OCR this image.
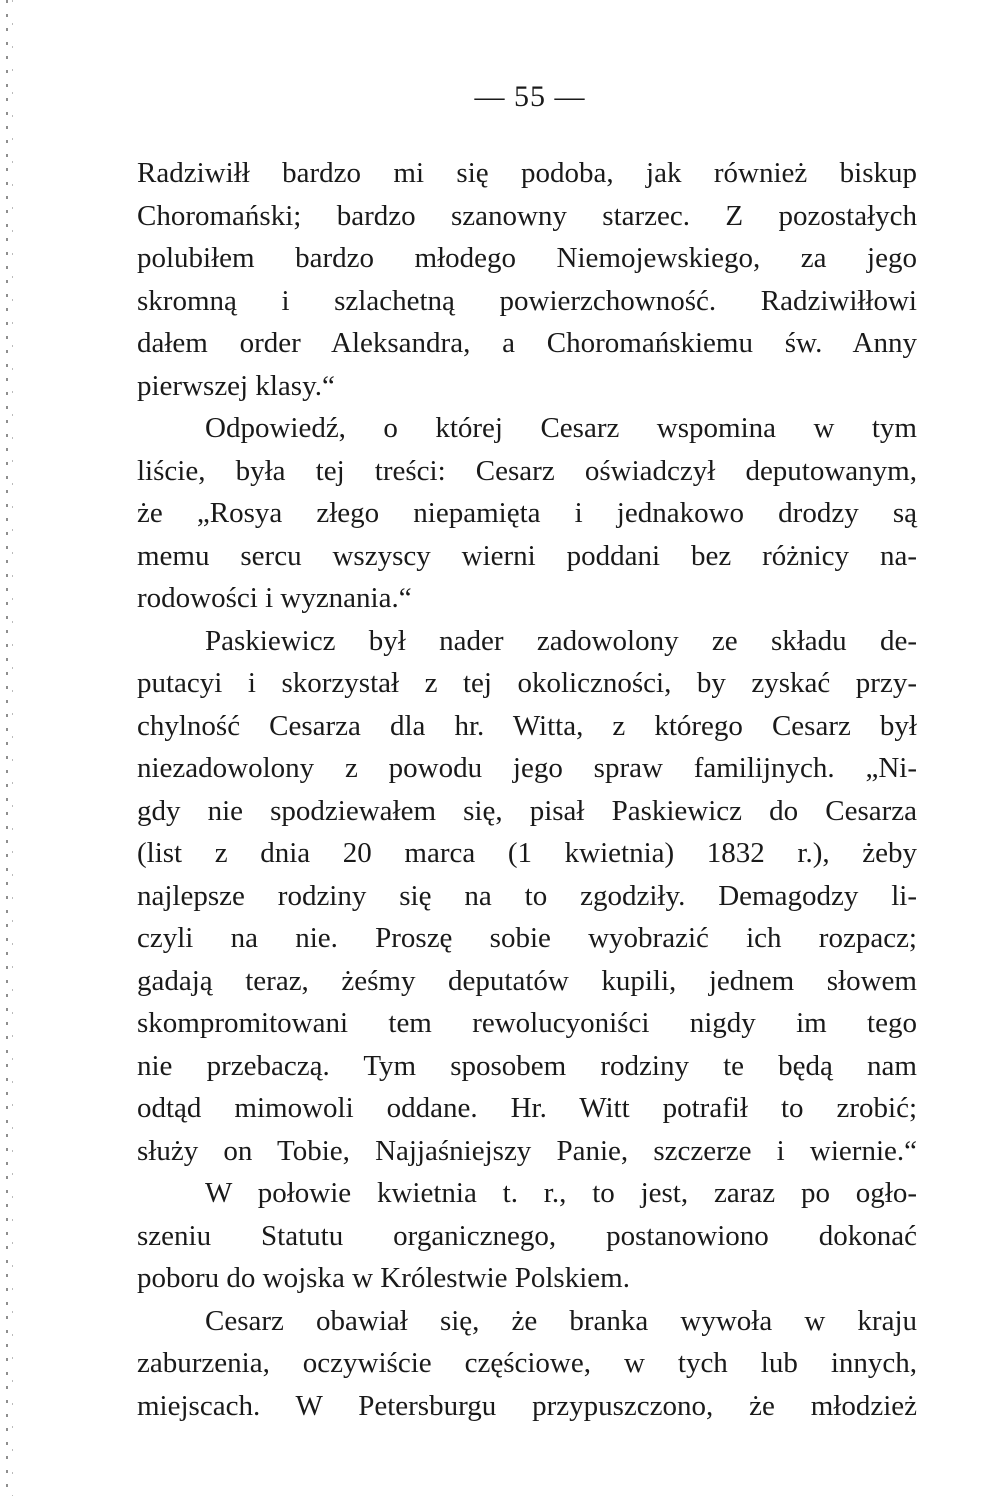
— 55 —
Radziwiłł bardzo mi się podoba, jak również biskup
Choromański; bardzo szanowny starzec. Z pozostałych
polubiłem bardzo młodego Niemojewskiego, za jego
skromną i szlachetną powierzchowność. Radziwiłłowi
dałem order Aleksandra, a Choromańskiemu św. Anny
pierwszej klasy.“
Odpowiedź, o której Cesarz wspomina w tym
liście, była tej treści: Cesarz oświadczył deputowanym,
że „Rosya złego niepamięta i jednakowo drodzy są
memu sercu wszyscy wierni poddani bez różnicy na-
rodowości i wyznania.“
Paskiewicz był nader zadowolony ze składu de-
putacyi i skorzystał z tej okoliczności, by zyskać przy-
chylność Cesarza dla hr. Witta, z którego Cesarz był
niezadowolony z powodu jego spraw familijnych. „Ni-
gdy nie spodziewałem się, pisał Paskiewicz do Cesarza
(list z dnia 20 marca (1 kwietnia) 1832 r.), żeby
najlepsze rodziny się na to zgodziły. Demagodzy li-
czyli na nie. Proszę sobie wyobrazić ich rozpacz;
gadają teraz, żeśmy deputatów kupili, jednem słowem
skompromitowani tem rewolucyoniści nigdy im tego
nie przebaczą. Tym sposobem rodziny te będą nam
odtąd mimowoli oddane. Hr. Witt potrafił to zrobić;
służy on Tobie, Najjaśniejszy Panie, szczerze i wiernie.“
W połowie kwietnia t. r., to jest, zaraz po ogło-
szeniu Statutu organicznego, postanowiono dokonać
poboru do wojska w Królestwie Polskiem.
Cesarz obawiał się, że branka wywoła w kraju
zaburzenia, oczywiście częściowe, w tych lub innych,
miejscach. W Petersburgu przypuszczono, że młodzież
